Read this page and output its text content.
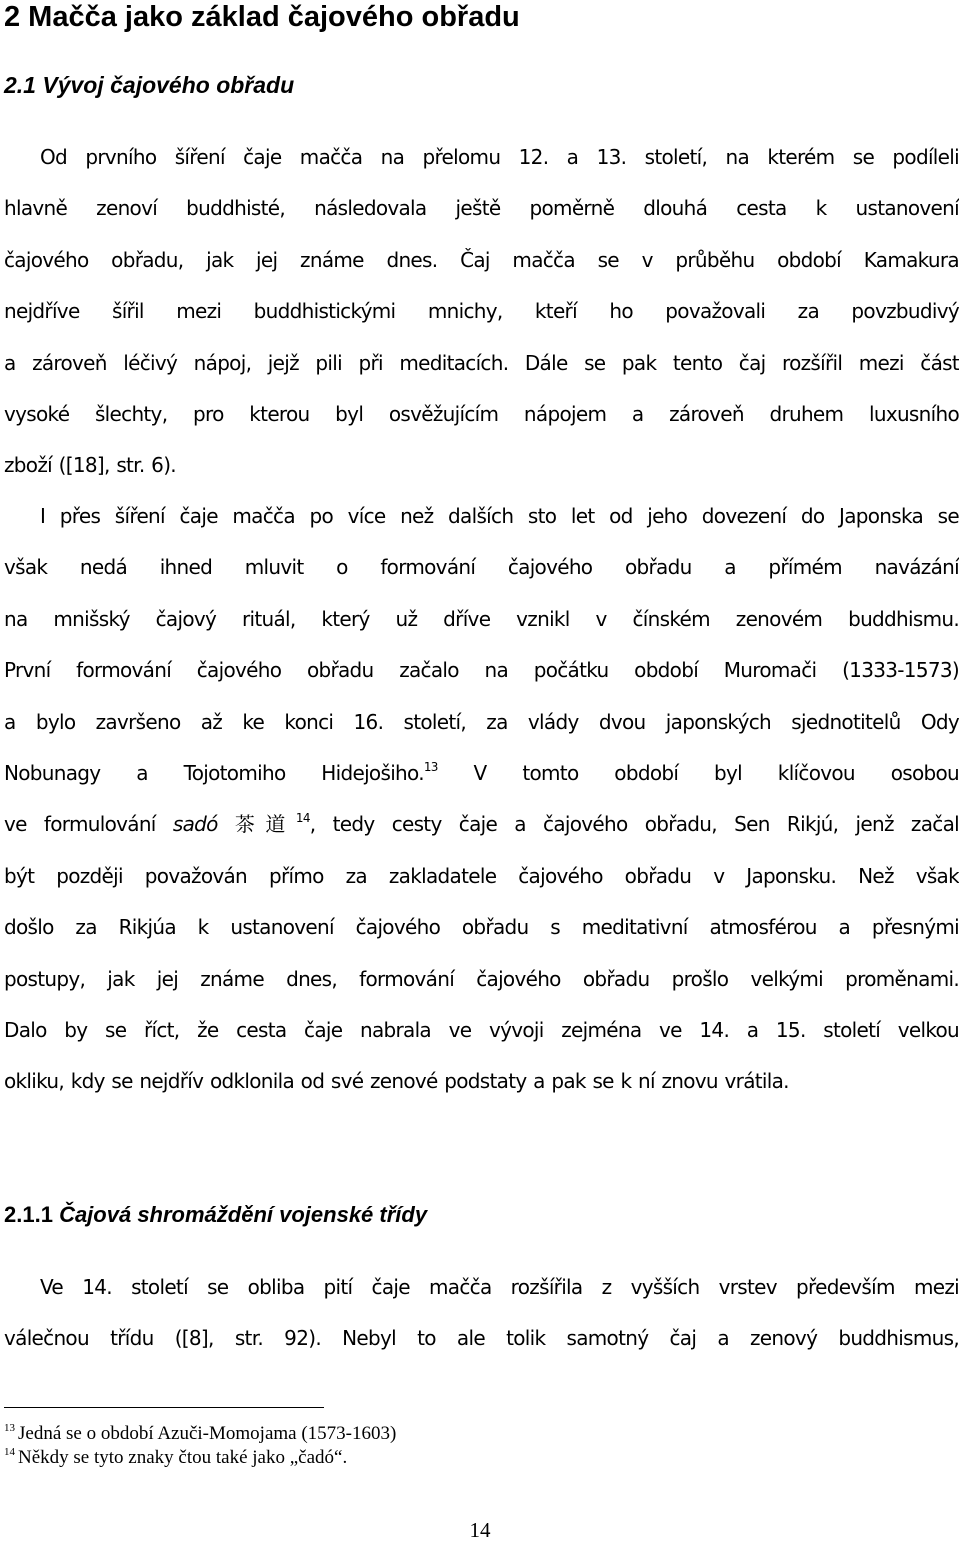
2 Mačča jako základ čajového obřadu
2.1 Vývoj čajového obřadu
Od prvního šíření čaje mačča na přelomu 12. a 13. století, na kterém se podíleli
hlavně zenoví buddhisté, následovala ještě poměrně dlouhá cesta k ustanovení
čajového obřadu, jak jej známe dnes. Čaj mačča se v průběhu období Kamakura
nejdříve šířil mezi buddhistickými mnichy, kteří ho považovali za povzbudivý
a zároveň léčivý nápoj, jejž pili při meditacích. Dále se pak tento čaj rozšířil mezi část
vysoké šlechty, pro kterou byl osvěžujícím nápojem a zároveň druhem luxusního
zboží ([18], str. 6).
I přes šíření čaje mačča po více než dalších sto let od jeho dovezení do Japonska se
však nedá ihned mluvit o formování čajového obřadu a přímém navázání
na mnišský čajový rituál, který už dříve vznikl v čínském zenovém buddhismu.
První formování čajového obřadu začalo na počátku období Muromači (1333-1573)
a bylo završeno až ke konci 16. století, za vlády dvou japonských sjednotitelů Ody
Nobunagy a Tojotomiho Hidejošiho.$^{13}$ V tomto období byl klíčovou osobou
ve formulování sadó 茶道$^{14}$, tedy cesty čaje a čajového obřadu, Sen Rikjú, jenž začal
být později považován přímo za zakladatele čajového obřadu v Japonsku. Než však
došlo za Rikjúa k ustanovení čajového obřadu s meditativní atmosférou a přesnými
postupy, jak jej známe dnes, formování čajového obřadu prošlo velkými proměnami.
Dalo by se říct, že cesta čaje nabrala ve vývoji zejména ve 14. a 15. století velkou
okliku, kdy se nejdřív odklonila od své zenové podstaty a pak se k ní znovu vrátila.
2.1.1 Čajová shromáždění vojenské třídy
Ve 14. století se obliba pití čaje mačča rozšířila z vyšších vrstev především mezi
válečnou třídu ([8], str. 92). Nebyl to ale tolik samotný čaj a zenový buddhismus,
$^{13}$ Jedná se o období Azuči-Momojama (1573-1603)
$^{14}$ Někdy se tyto znaky čtou také jako „čadó“.
14
